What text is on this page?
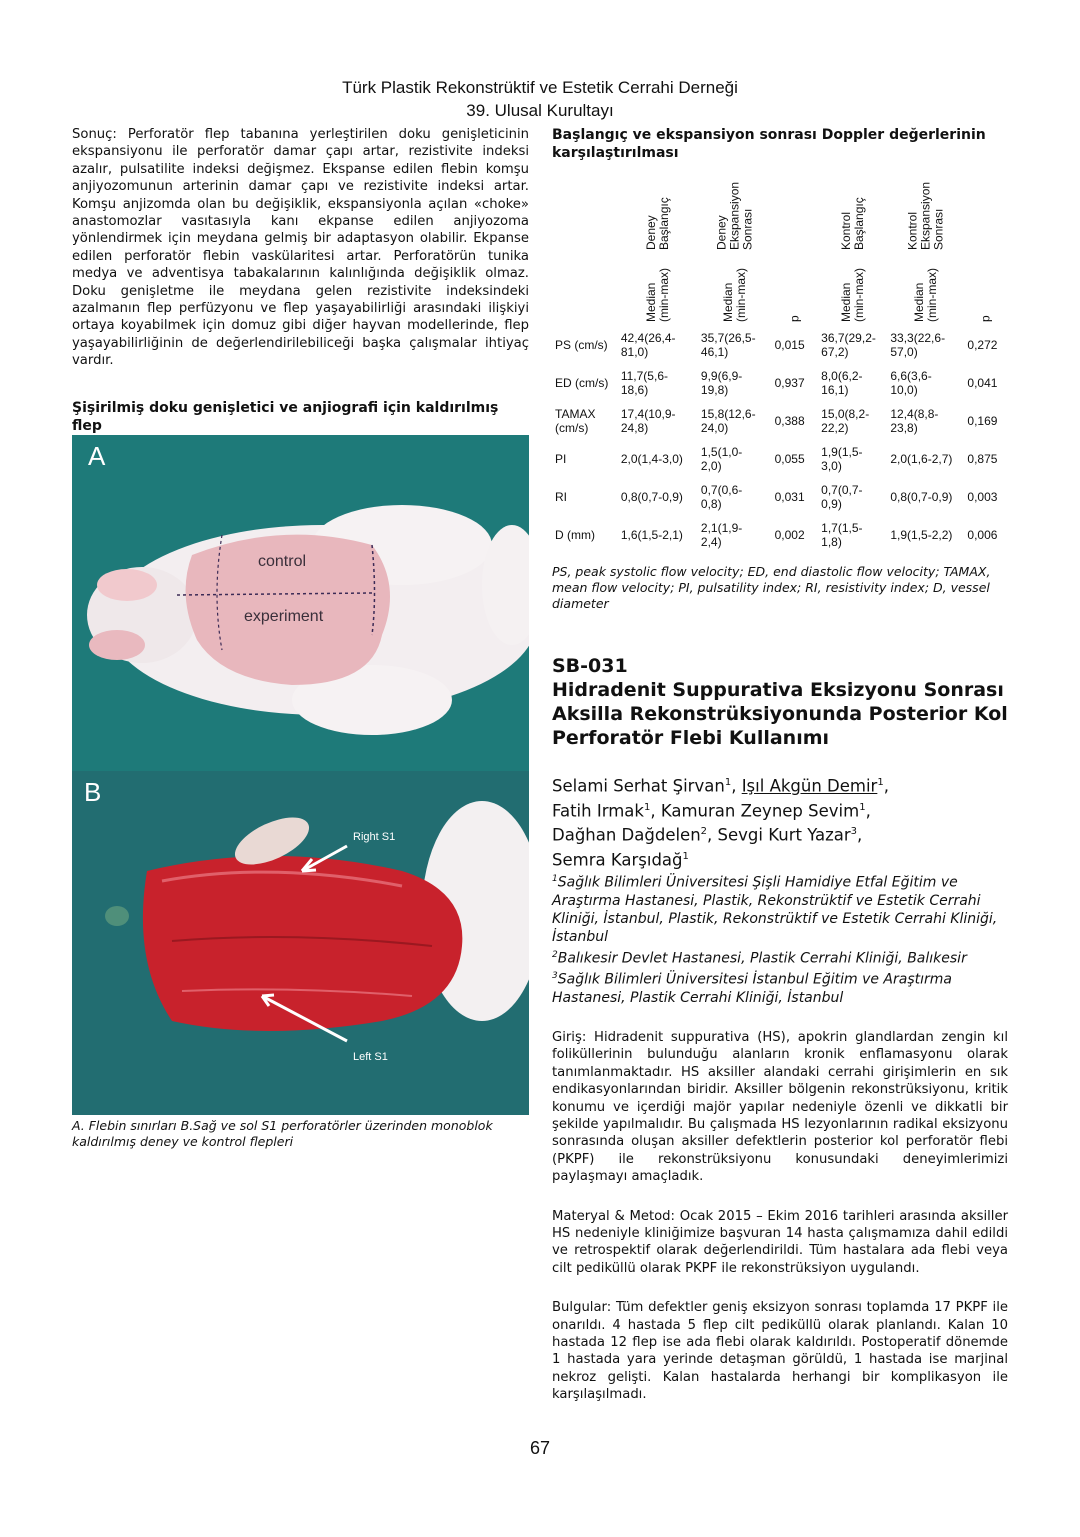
Türk Plastik Rekonstrüktif ve Estetik Cerrahi Derneği
39. Ulusal Kurultayı

Sonuç: Perforatör flep tabanına yerleştirilen doku genişleticinin ekspansiyonu ile perforatör damar çapı artar, rezistivite indeksi azalır, pulsatilite indeksi değişmez. Ekspanse edilen flebin komşu anjiyozomunun arterinin damar çapı ve rezistivite indeksi artar. Komşu anjizomda olan bu değişiklik, ekspansiyonla açılan «choke» anastomozlar vasıtasıyla kanı ekpanse edilen anjiyozoma yönlendirmek için meydana gelmiş bir adaptasyon olabilir. Ekpanse edilen perforatör flebin vaskülaritesi artar. Perforatörün tunika medya ve adventisya tabakalarının kalınlığında değişiklik olmaz. Doku genişletme ile meydana gelen rezistivite indeksindeki azalmanın flep perfüzyonu ve flep yaşayabilirliği arasındaki ilişkiyi ortaya koyabilmek için domuz gibi diğer hayvan modellerinde, flep yaşayabilirliğinin de değerlendirilebiliceği başka çalışmalar ihtiyaç vardır.

Şişirilmiş doku genişletici ve anjiografi için kaldırılmış flep

A
control
experiment
B
Right S1
Left S1

A. Flebin sınırları B.Sağ ve sol S1 perforatörler üzerinden monoblok kaldırılmış deney ve kontrol flepleri

Başlangıç ve ekspansiyon sonrası Doppler değerlerinin karşılaştırılması

	Deney
Başlangıç	Deney
Ekspansiyon
Sonrası		Kontrol
Başlangıç	Kontrol
Ekspansiyon
Sonrası	

	Median
(min-max)	Median
(min-max)	p	Median
(min-max)	Median
(min-max)	p

PS (cm/s)	42,4(26,4-
81,0)	35,7(26,5-
46,1)	0,015	36,7(29,2-
67,2)	33,3(22,6-
57,0)	0,272
ED (cm/s)	11,7(5,6-
18,6)	9,9(6,9-
19,8)	0,937	8,0(6,2-
16,1)	6,6(3,6-
10,0)	0,041
TAMAX
(cm/s)	17,4(10,9-
24,8)	15,8(12,6-
24,0)	0,388	15,0(8,2-
22,2)	12,4(8,8-
23,8)	0,169
PI	2,0(1,4-3,0)	1,5(1,0-
2,0)	0,055	1,9(1,5-
3,0)	2,0(1,6-2,7)	0,875
RI	0,8(0,7-0,9)	0,7(0,6-
0,8)	0,031	0,7(0,7-
0,9)	0,8(0,7-0,9)	0,003
D (mm)	1,6(1,5-2,1)	2,1(1,9-
2,4)	0,002	1,7(1,5-
1,8)	1,9(1,5-2,2)	0,006

PS, peak systolic flow velocity; ED, end diastolic flow velocity; TAMAX, mean flow velocity; PI, pulsatility index; RI, resistivity index; D, vessel diameter

SB-031

Hidradenit Suppurativa Eksizyonu Sonrası Aksilla Rekonstrüksiyonunda Posterior Kol Perforatör Flebi Kullanımı

Selami Serhat Şirvan$^1$, Işıl Akgün Demir$^1$,
Fatih Irmak$^1$, Kamuran Zeynep Sevim$^1$,
Dağhan Dağdelen$^2$, Sevgi Kurt Yazar$^3$,
Semra Karşıdağ$^1$

$^1$Sağlık Bilimleri Üniversitesi Şişli Hamidiye Etfal Eğitim ve Araştırma Hastanesi, Plastik, Rekonstrüktif ve Estetik Cerrahi Kliniği, İstanbul, Plastik, Rekonstrüktif ve Estetik Cerrahi Kliniği, İstanbul

$^2$Balıkesir Devlet Hastanesi, Plastik Cerrahi Kliniği, Balıkesir

$^3$Sağlık Bilimleri Üniversitesi İstanbul Eğitim ve Araştırma Hastanesi, Plastik Cerrahi Kliniği, İstanbul

Giriş: Hidradenit suppurativa (HS), apokrin glandlardan zengin kıl foliküllerinin bulunduğu alanların kronik enflamasyonu olarak tanımlanmaktadır. HS aksiller alandaki cerrahi girişimlerin en sık endikasyonlarından biridir. Aksiller bölgenin rekonstrüksiyonu, kritik konumu ve içerdiği majör yapılar nedeniyle özenli ve dikkatli bir şekilde yapılmalıdır. Bu çalışmada HS lezyonlarının radikal eksizyonu sonrasında oluşan aksiller defektlerin posterior kol perforatör flebi (PKPF) ile rekonstrüksiyonu konusundaki deneyimlerimizi paylaşmayı amaçladık.

Materyal & Metod: Ocak 2015 – Ekim 2016 tarihleri arasında aksiller HS nedeniyle kliniğimize başvuran 14 hasta çalışmamıza dahil edildi ve retrospektif olarak değerlendirildi. Tüm hastalara ada flebi veya cilt pediküllü olarak PKPF ile rekonstrüksiyon uygulandı.

Bulgular: Tüm defektler geniş eksizyon sonrası toplamda 17 PKPF ile onarıldı. 4 hastada 5 flep cilt pediküllü olarak planlandı. Kalan 10 hastada 12 flep ise ada flebi olarak kaldırıldı. Postoperatif dönemde 1 hastada yara yerinde detaşman görüldü, 1 hastada ise marjinal nekroz gelişti. Kalan hastalarda herhangi bir komplikasyon ile karşılaşılmadı.

67
